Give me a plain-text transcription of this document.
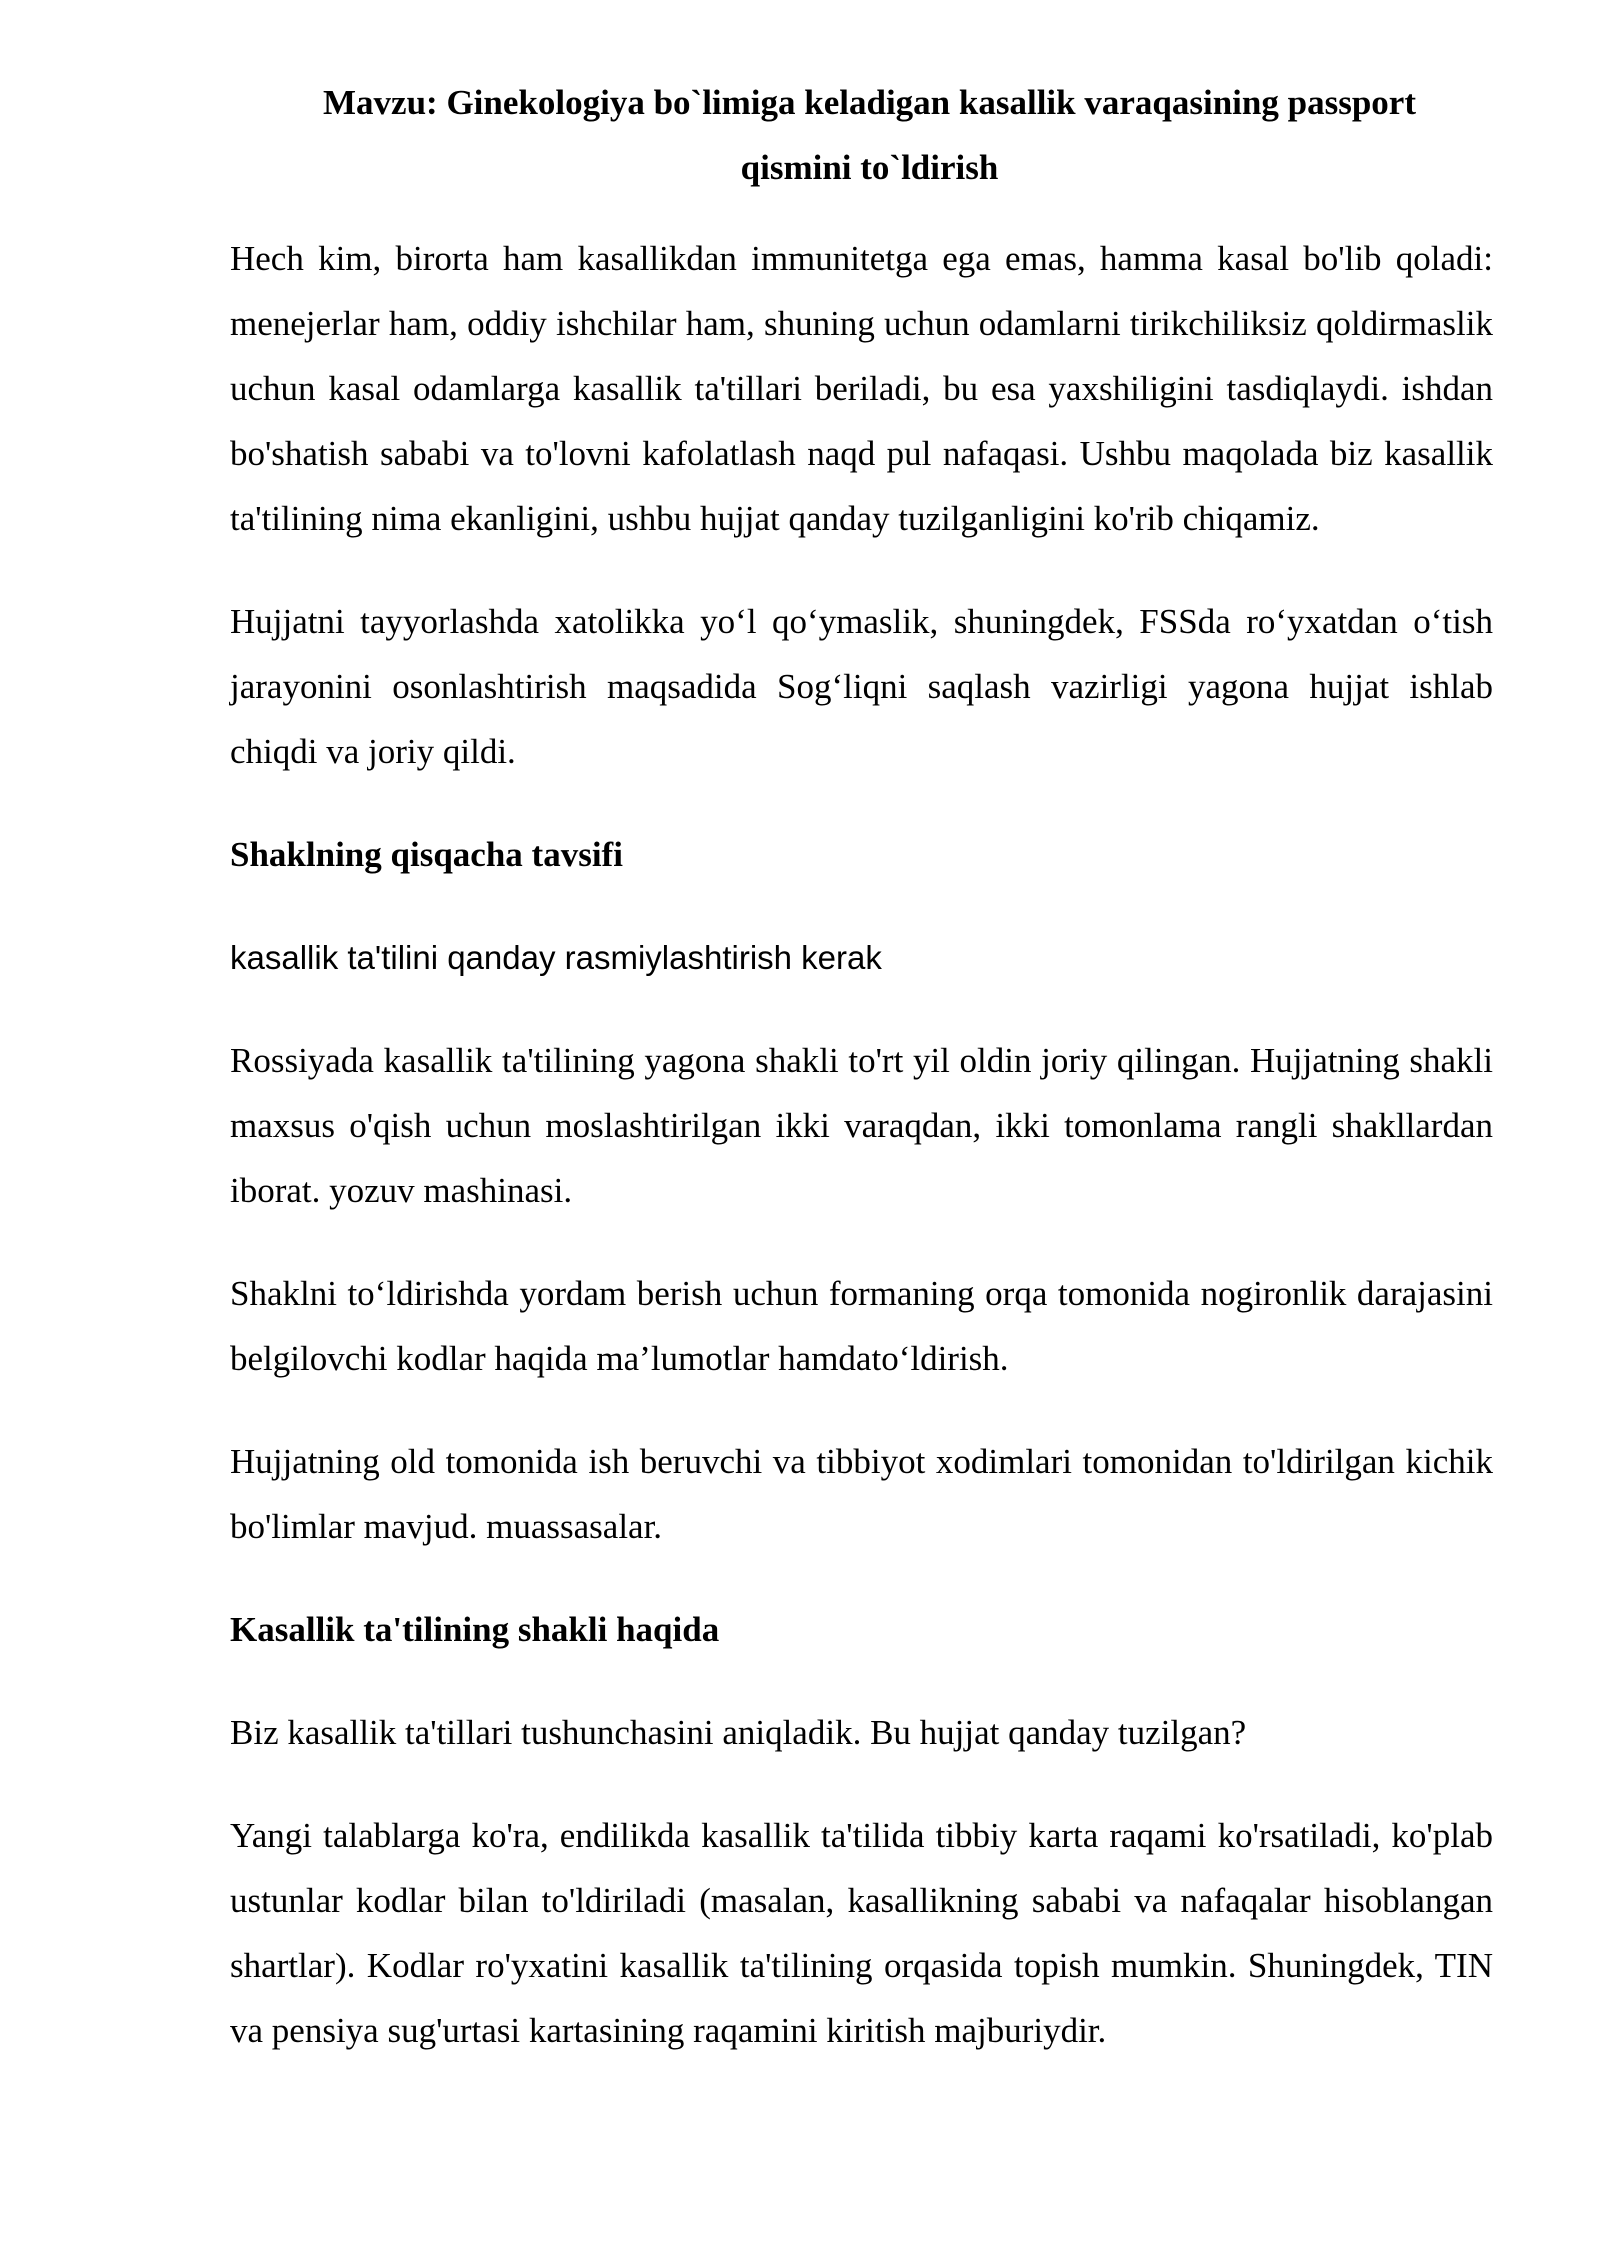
Mavzu: Ginekologiya bo`limiga keladigan kasallik varaqasining passport
qismini to`ldirish

Hech kim, birorta ham kasallikdan immunitetga ega emas, hamma kasal bo'lib qoladi: menejerlar ham, oddiy ishchilar ham, shuning uchun odamlarni tirikchiliksiz qoldirmaslik uchun kasal odamlarga kasallik ta'tillari beriladi, bu esa yaxshiligini tasdiqlaydi. ishdan bo'shatish sababi va to'lovni kafolatlash naqd pul nafaqasi. Ushbu maqolada biz kasallik ta'tilining nima ekanligini, ushbu hujjat qanday tuzilganligini ko'rib chiqamiz.

Hujjatni tayyorlashda xatolikka yo‘l qo‘ymaslik, shuningdek, FSSda ro‘yxatdan o‘tish jarayonini osonlashtirish maqsadida Sog‘liqni saqlash vazirligi yagona hujjat ishlab chiqdi va joriy qildi.

Shaklning qisqacha tavsifi

kasallik ta'tilini qanday rasmiylashtirish kerak

Rossiyada kasallik ta'tilining yagona shakli to'rt yil oldin joriy qilingan. Hujjatning shakli maxsus o'qish uchun moslashtirilgan ikki varaqdan, ikki tomonlama rangli shakllardan iborat. yozuv mashinasi.

Shaklni to‘ldirishda yordam berish uchun formaning orqa tomonida nogironlik darajasini belgilovchi kodlar haqida ma’lumotlar hamdato‘ldirish.

Hujjatning old tomonida ish beruvchi va tibbiyot xodimlari tomonidan to'ldirilgan kichik bo'limlar mavjud. muassasalar.

Kasallik ta'tilining shakli haqida

Biz kasallik ta'tillari tushunchasini aniqladik. Bu hujjat qanday tuzilgan?

Yangi talablarga ko'ra, endilikda kasallik ta'tilida tibbiy karta raqami ko'rsatiladi, ko'plab ustunlar kodlar bilan to'ldiriladi (masalan, kasallikning sababi va nafaqalar hisoblangan shartlar). Kodlar ro'yxatini kasallik ta'tilining orqasida topish mumkin. Shuningdek, TIN va pensiya sug'urtasi kartasining raqamini kiritish majburiydir.
